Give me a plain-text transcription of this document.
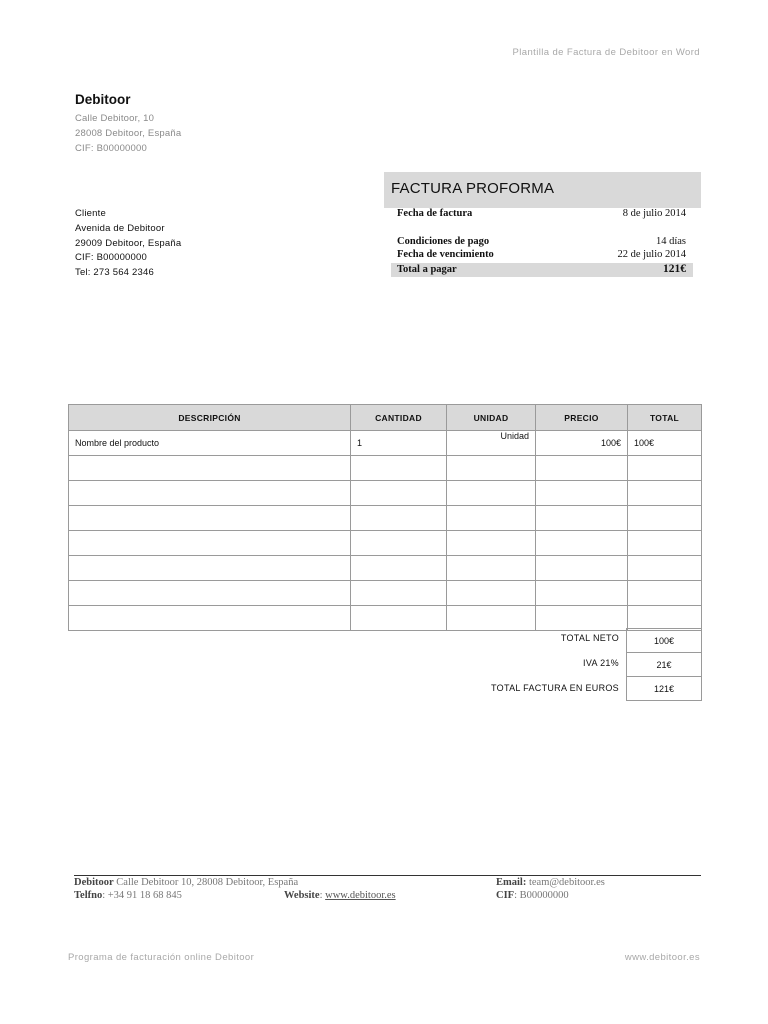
Plantilla de Factura de Debitoor en Word
Debitoor
Calle Debitoor, 10
28008 Debitoor, España
CIF: B00000000
Cliente
Avenida de Debitoor
29009 Debitoor, España
CIF: B00000000
Tel: 273 564 2346
FACTURA PROFORMA
Fecha de factura	8 de julio 2014
Condiciones de pago	14 días
Fecha de vencimiento	22 de julio 2014
Total a pagar	121€
DESCRIPCIÓN	CANTIDAD	UNIDAD	PRECIO	TOTAL
Nombre del producto	1	Unidad	100€	100€

TOTAL NETO	100€
IVA 21%	21€
TOTAL FACTURA EN EUROS	121€
Debitoor Calle Debitoor 10, 28008 Debitoor, España
Telfno: +34 91 18 68 845	Website: www.debitoor.es
Email: team@debitoor.es
CIF: B00000000
Programa de facturación online Debitoor	www.debitoor.es
